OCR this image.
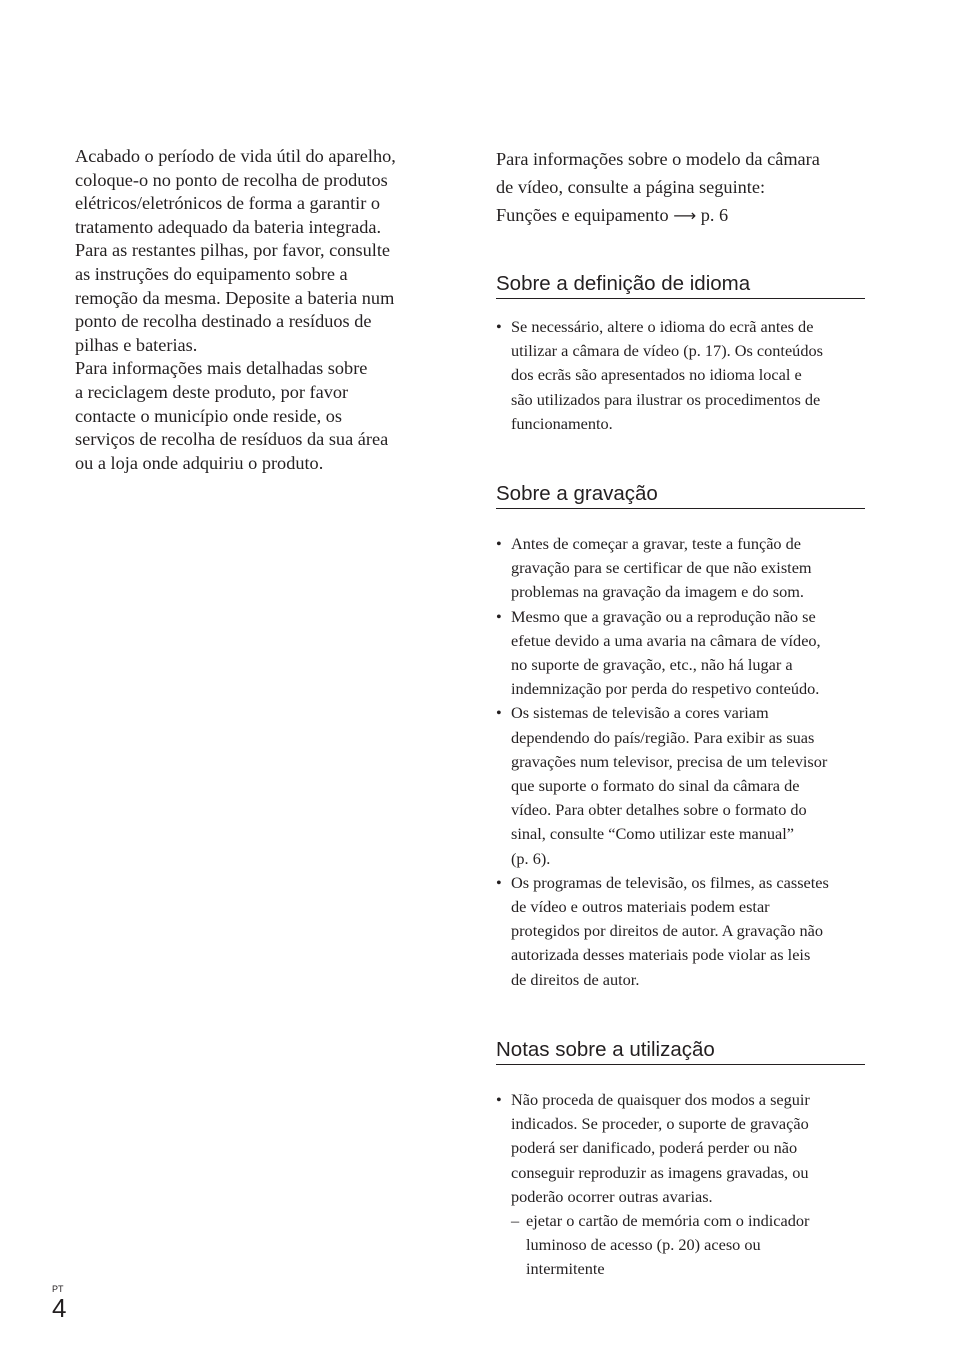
Acabado o período de vida útil do aparelho,
coloque-o no ponto de recolha de produtos
elétricos/eletrónicos de forma a garantir o
tratamento adequado da bateria integrada.
Para as restantes pilhas, por favor, consulte
as instruções do equipamento sobre a
remoção da mesma. Deposite a bateria num
ponto de recolha destinado a resíduos de
pilhas e baterias.

Para informações mais detalhadas sobre
a reciclagem deste produto, por favor
contacte o município onde reside, os
serviços de recolha de resíduos da sua área
ou a loja onde adquiriu o produto.

Para informações sobre o modelo da câmara
de vídeo, consulte a página seguinte:
Funções e equipamento ⟶ p. 6

Sobre a definição de idioma
• Se necessário, altere o idioma do ecrã antes de
utilizar a câmara de vídeo (p. 17). Os conteúdos
dos ecrãs são apresentados no idioma local e
são utilizados para ilustrar os procedimentos de
funcionamento.
Sobre a gravação
• Antes de começar a gravar, teste a função de
gravação para se certificar de que não existem
problemas na gravação da imagem e do som.
• Mesmo que a gravação ou a reprodução não se
efetue devido a uma avaria na câmara de vídeo,
no suporte de gravação, etc., não há lugar a
indemnização por perda do respetivo conteúdo.
• Os sistemas de televisão a cores variam
dependendo do país/região. Para exibir as suas
gravações num televisor, precisa de um televisor
que suporte o formato do sinal da câmara de
vídeo. Para obter detalhes sobre o formato do
sinal, consulte “Como utilizar este manual”
(p. 6).
• Os programas de televisão, os filmes, as cassetes
de vídeo e outros materiais podem estar
protegidos por direitos de autor. A gravação não
autorizada desses materiais pode violar as leis
de direitos de autor.
Notas sobre a utilização
• Não proceda de quaisquer dos modos a seguir
indicados. Se proceder, o suporte de gravação
poderá ser danificado, poderá perder ou não
conseguir reproduzir as imagens gravadas, ou
poderão ocorrer outras avarias.

– ejetar o cartão de memória com o indicador
luminoso de acesso (p. 20) aceso ou
intermitente

PT
4
